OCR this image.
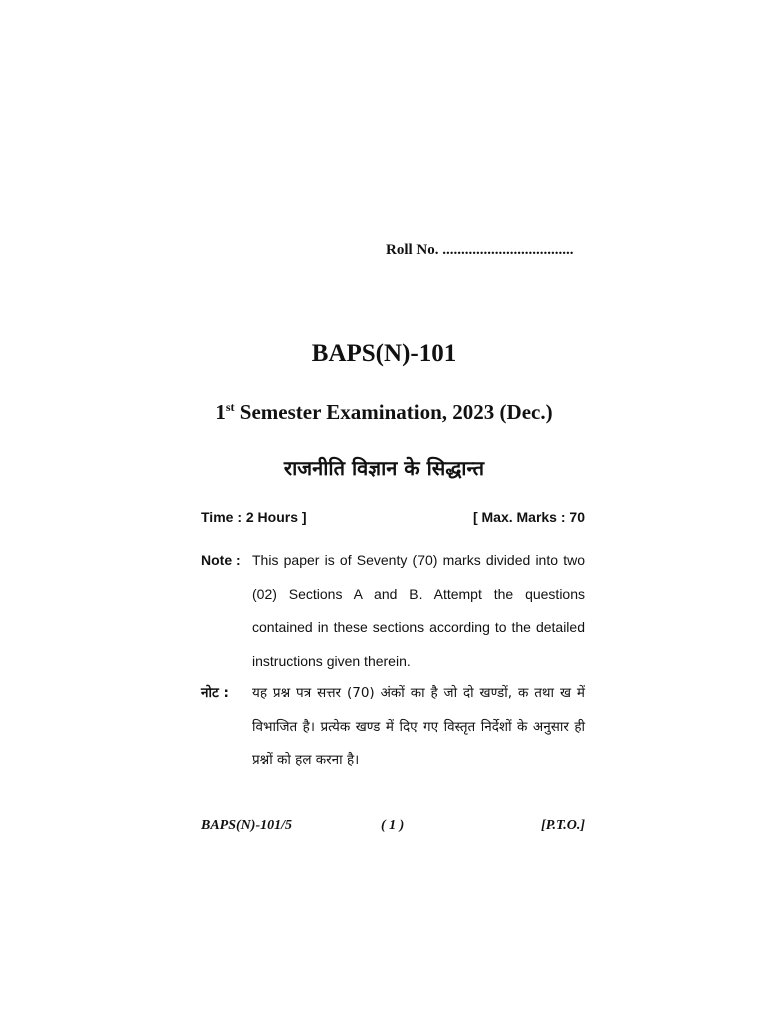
Roll No. ...................................
BAPS(N)-101
1st Semester Examination, 2023 (Dec.)
राजनीति विज्ञान के सिद्धान्त
Time : 2 Hours ]	[ Max. Marks : 70
Note : This paper is of Seventy (70) marks divided into two (02) Sections A and B. Attempt the questions contained in these sections according to the detailed instructions given therein.
नोट :	यह प्रश्न पत्र सत्तर (70) अंकों का है जो दो खण्डों, क तथा ख में विभाजित है। प्रत्येक खण्ड में दिए गए विस्तृत निर्देशों के अनुसार ही प्रश्नों को हल करना है।
BAPS(N)-101/5	( 1 )	[P.T.O.]
